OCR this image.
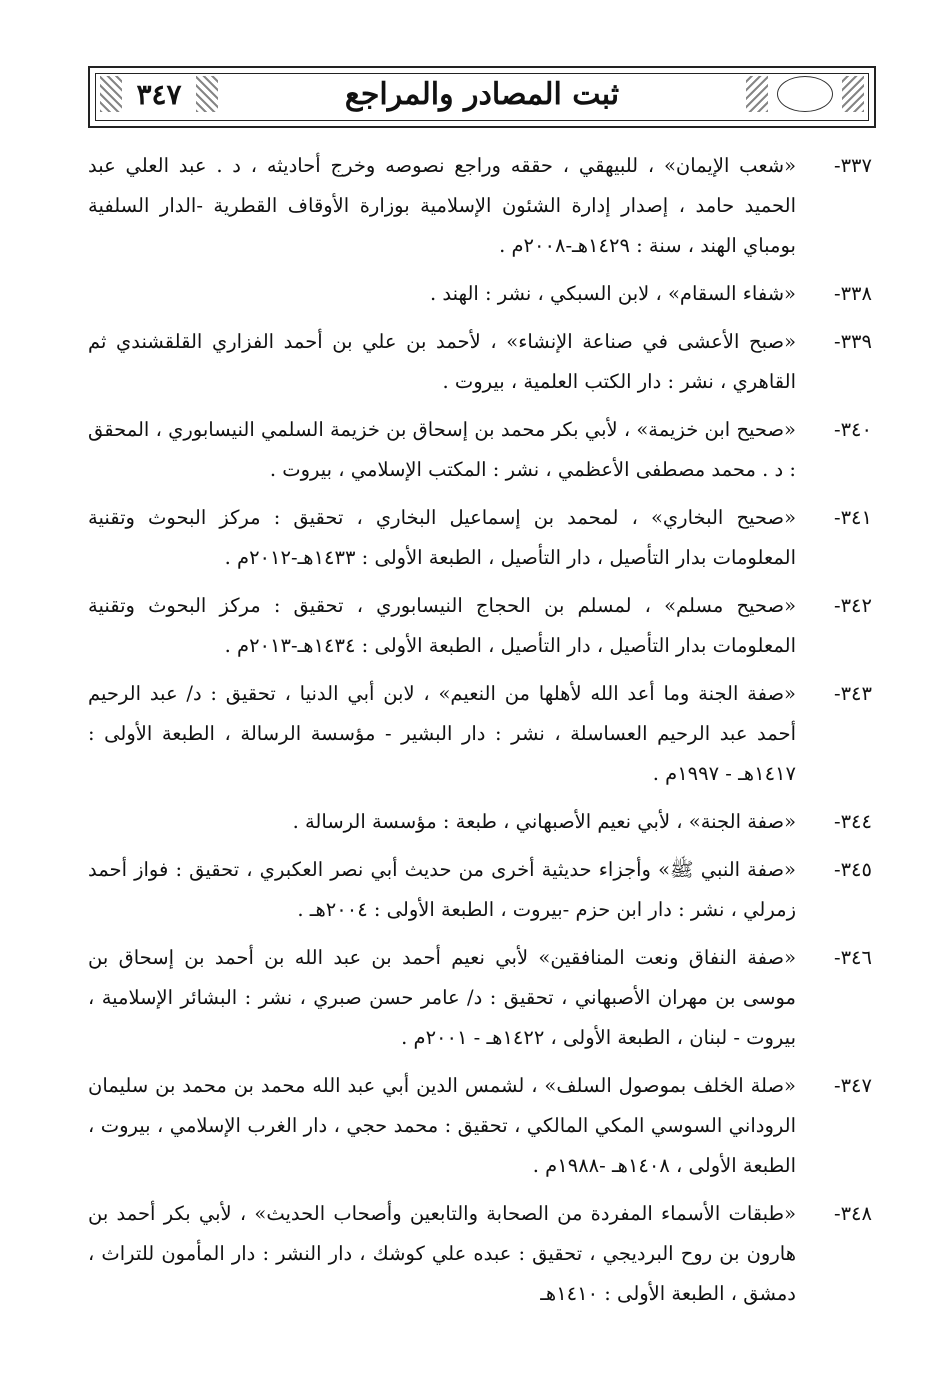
٣٤٧	ثبت المصادر والمراجع
٣٣٧-
«شعب الإيمان» ، للبيهقي ، حققه وراجع نصوصه وخرج أحاديثه ، د . عبد العلي عبد الحميد حامد ، إصدار إدارة الشئون الإسلامية بوزارة الأوقاف القطرية -الدار السلفية بومباي الهند ، سنة : ١٤٢٩هـ-٢٠٠٨م .
٣٣٨-
«شفاء السقام» ، لابن السبكي ، نشر : الهند .
٣٣٩-
«صبح الأعشى في صناعة الإنشاء» ، لأحمد بن علي بن أحمد الفزاري القلقشندي ثم القاهري ، نشر : دار الكتب العلمية ، بيروت .
٣٤٠-
«صحيح ابن خزيمة» ، لأبي بكر محمد بن إسحاق بن خزيمة السلمي النيسابوري ، المحقق : د . محمد مصطفى الأعظمي ، نشر : المكتب الإسلامي ، بيروت .
٣٤١-
«صحيح البخاري» ، لمحمد بن إسماعيل البخاري ، تحقيق : مركز البحوث وتقنية المعلومات بدار التأصيل ، دار التأصيل ، الطبعة الأولى : ١٤٣٣هـ-٢٠١٢م .
٣٤٢-
«صحيح مسلم» ، لمسلم بن الحجاج النيسابوري ، تحقيق : مركز البحوث وتقنية المعلومات بدار التأصيل ، دار التأصيل ، الطبعة الأولى : ١٤٣٤هـ-٢٠١٣م .
٣٤٣-
«صفة الجنة وما أعد الله لأهلها من النعيم» ، لابن أبي الدنيا ، تحقيق : د/ عبد الرحيم أحمد عبد الرحيم العساسلة ، نشر : دار البشير - مؤسسة الرسالة ، الطبعة الأولى : ١٤١٧هـ - ١٩٩٧م .
٣٤٤-
«صفة الجنة» ، لأبي نعيم الأصبهاني ، طبعة : مؤسسة الرسالة .
٣٤٥-
«صفة النبي ﷺ» وأجزاء حديثية أخرى من حديث أبي نصر العكبري ، تحقيق : فواز أحمد زمرلي ، نشر : دار ابن حزم -بيروت ، الطبعة الأولى : ٢٠٠٤هـ .
٣٤٦-
«صفة النفاق ونعت المنافقين» لأبي نعيم أحمد بن عبد الله بن أحمد بن إسحاق بن موسى بن مهران الأصبهاني ، تحقيق : د/ عامر حسن صبري ، نشر : البشائر الإسلامية ، بيروت - لبنان ، الطبعة الأولى ، ١٤٢٢هـ - ٢٠٠١م .
٣٤٧-
«صلة الخلف بموصول السلف» ، لشمس الدين أبي عبد الله محمد بن محمد بن سليمان الروداني السوسي المكي المالكي ، تحقيق : محمد حجي ، دار الغرب الإسلامي ، بيروت ، الطبعة الأولى ، ١٤٠٨هـ -١٩٨٨م .
٣٤٨-
«طبقات الأسماء المفردة من الصحابة والتابعين وأصحاب الحديث» ، لأبي بكر أحمد بن هارون بن روح البرديجي ، تحقيق : عبده علي كوشك ، دار النشر : دار المأمون للتراث ، دمشق ، الطبعة الأولى : ١٤١٠هـ
